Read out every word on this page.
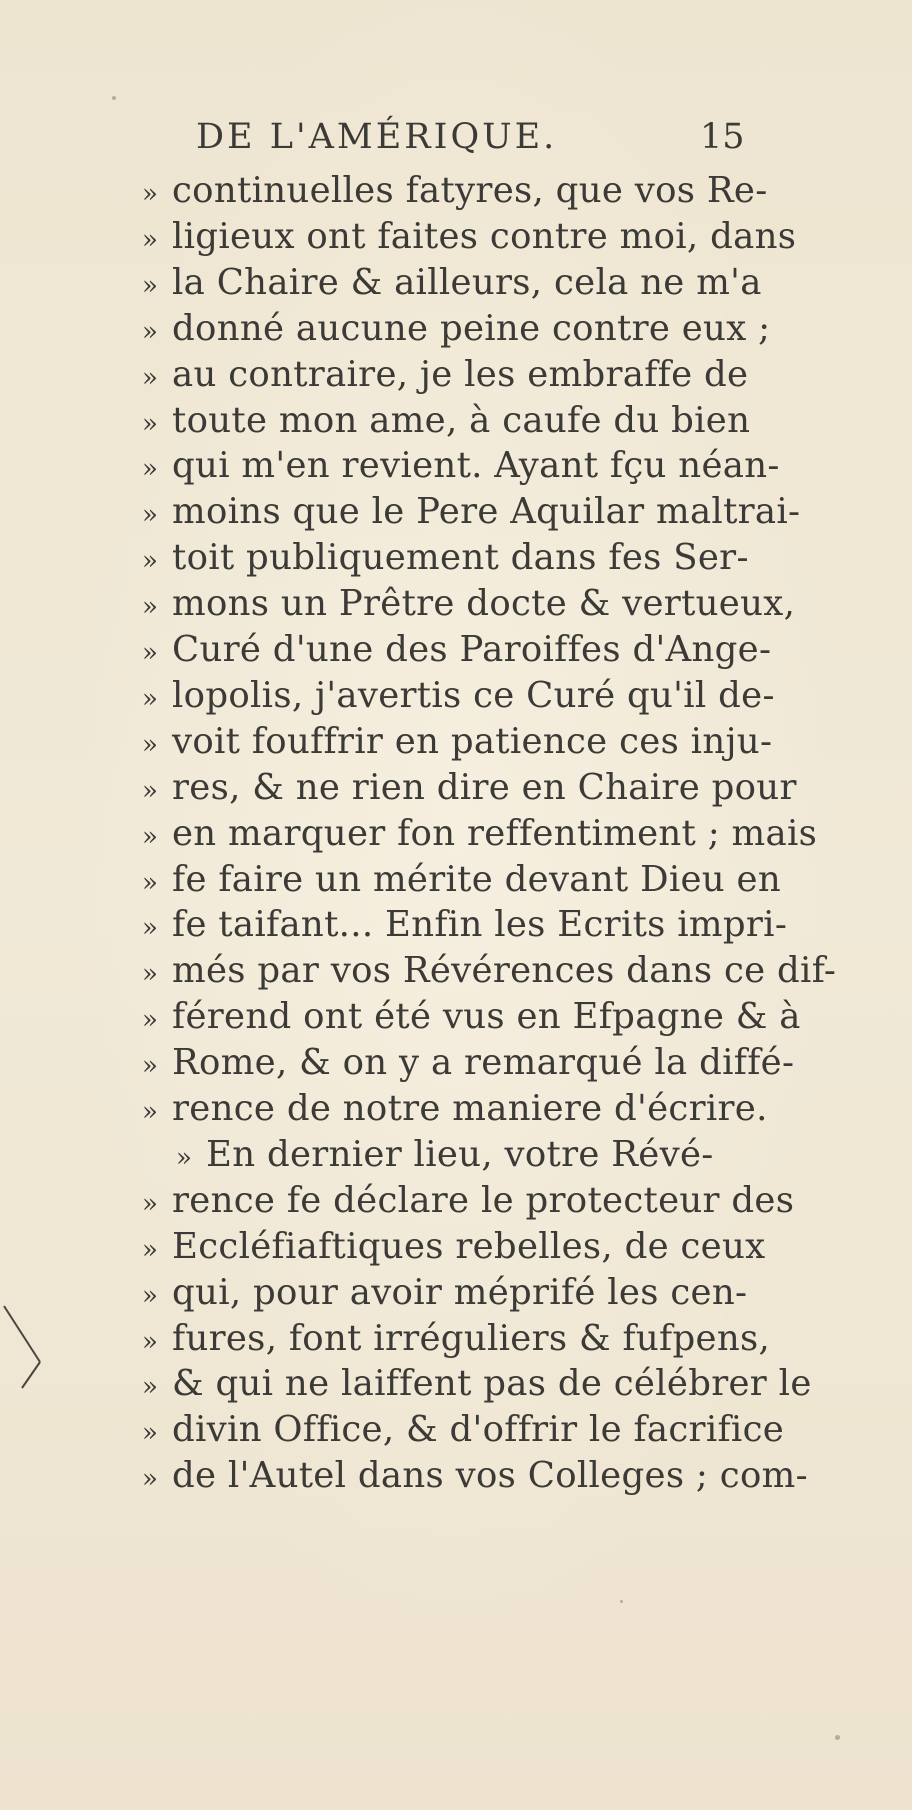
DE L'AMÉRIQUE.	15
» continuelles fatyres, que vos Re-
» ligieux ont faites contre moi, dans
» la Chaire & ailleurs, cela ne m'a
» donné aucune peine contre eux ;
» au contraire, je les embraffe de
» toute mon ame, à caufe du bien
» qui m'en revient. Ayant fçu néan-
» moins que le Pere Aquilar maltrai-
» toit publiquement dans fes Ser-
» mons un Prêtre docte & vertueux,
» Curé d'une des Paroiffes d'Ange-
» lopolis, j'avertis ce Curé qu'il de-
» voit fouffrir en patience ces inju-
» res, & ne rien dire en Chaire pour
» en marquer fon reffentiment ; mais
» fe faire un mérite devant Dieu en
» fe taifant... Enfin les Ecrits impri-
» més par vos Révérences dans ce dif-
» férend ont été vus en Efpagne & à
» Rome, & on y a remarqué la diffé-
» rence de notre maniere d'écrire.
» En dernier lieu, votre Révé-
» rence fe déclare le protecteur des
» Eccléfiaftiques rebelles, de ceux
» qui, pour avoir méprifé les cen-
» fures, font irréguliers & fufpens,
» & qui ne laiffent pas de célébrer le
» divin Office, & d'offrir le facrifice
» de l'Autel dans vos Colleges ; com-
